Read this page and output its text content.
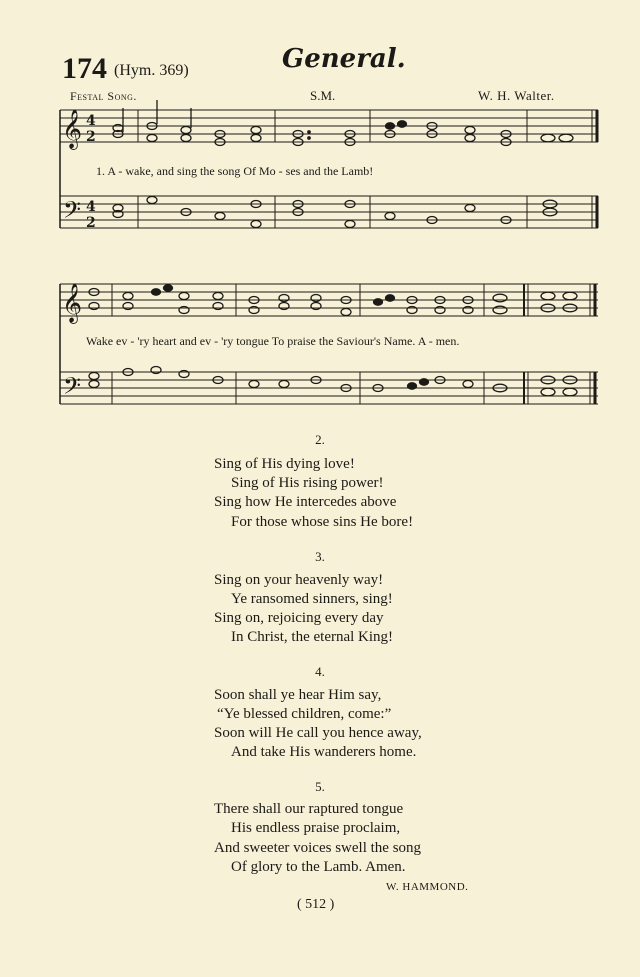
174 (Hym. 369)	General.
Festal Song.	S.M.	W. H. Walter.
𝄞
𝄢
𝄞
𝄢
4
2
4
2
1. A - wake, and sing the song Of Mo - ses and the Lamb!
Wake ev - 'ry heart and ev - 'ry tongue To praise the Saviour's Name. A - men.
2.
Sing of His dying love!
Sing of His rising power!
Sing how He intercedes above
For those whose sins He bore!
3.
Sing on your heavenly way!
Ye ransomed sinners, sing!
Sing on, rejoicing every day
In Christ, the eternal King!
4.
Soon shall ye hear Him say,
“Ye blessed children, come:”
Soon will He call you hence away,
And take His wanderers home.
5.
There shall our raptured tongue
His endless praise proclaim,
And sweeter voices swell the song
Of glory to the Lamb. Amen.
W. HAMMOND.
( 512 )
